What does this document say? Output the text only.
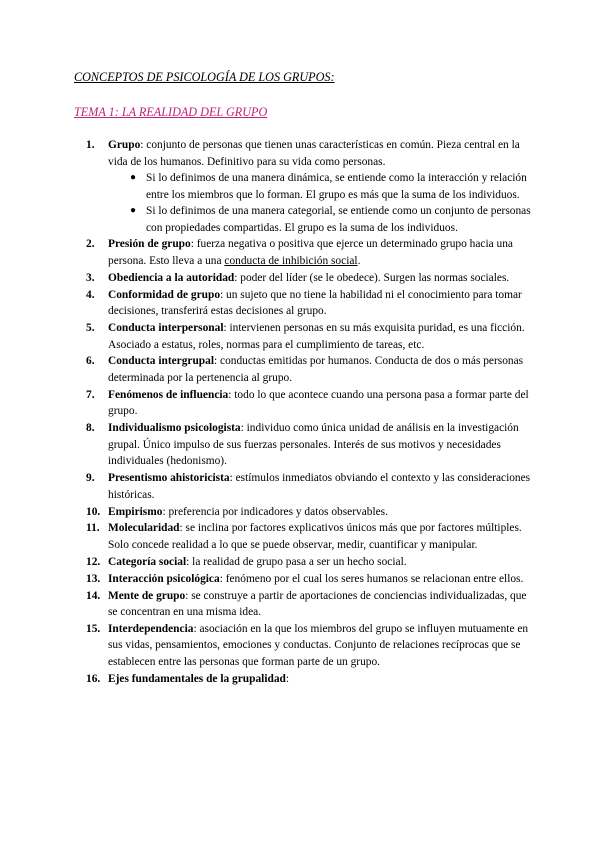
CONCEPTOS DE PSICOLOGÍA DE LOS GRUPOS:
TEMA 1: LA REALIDAD DEL GRUPO
1.	Grupo: conjunto de personas que tienen unas características en común. Pieza central en la vida de los humanos. Definitivo para su vida como personas.
● Si lo definimos de una manera dinámica, se entiende como la interacción y relación entre los miembros que lo forman. El grupo es más que la suma de los individuos.
● Si lo definimos de una manera categorial, se entiende como un conjunto de personas con propiedades compartidas. El grupo es la suma de los individuos.
2.	Presión de grupo: fuerza negativa o positiva que ejerce un determinado grupo hacia una persona. Esto lleva a una conducta de inhibición social.
3.	Obediencia a la autoridad: poder del líder (se le obedece). Surgen las normas sociales.
4.	Conformidad de grupo: un sujeto que no tiene la habilidad ni el conocimiento para tomar decisiones, transferirá estas decisiones al grupo.
5.	Conducta interpersonal: intervienen personas en su más exquisita puridad, es una ficción. Asociado a estatus, roles, normas para el cumplimiento de tareas, etc.
6.	Conducta intergrupal: conductas emitidas por humanos. Conducta de dos o más personas determinada por la pertenencia al grupo.
7.	Fenómenos de influencia: todo lo que acontece cuando una persona pasa a formar parte del grupo.
8.	Individualismo psicologista: individuo como única unidad de análisis en la investigación grupal. Único impulso de sus fuerzas personales. Interés de sus motivos y necesidades individuales (hedonismo).
9.	Presentismo ahistoricista: estímulos inmediatos obviando el contexto y las consideraciones históricas.
10. Empirismo: preferencia por indicadores y datos observables.
11. Molecularidad: se inclina por factores explicativos únicos más que por factores múltiples. Solo concede realidad a lo que se puede observar, medir, cuantificar y manipular.
12. Categoría social: la realidad de grupo pasa a ser un hecho social.
13. Interacción psicológica: fenómeno por el cual los seres humanos se relacionan entre ellos.
14. Mente de grupo: se construye a partir de aportaciones de conciencias individualizadas, que se concentran en una misma idea.
15. Interdependencia: asociación en la que los miembros del grupo se influyen mutuamente en sus vidas, pensamientos, emociones y conductas. Conjunto de relaciones recíprocas que se establecen entre las personas que forman parte de un grupo.
16. Ejes fundamentales de la grupalidad:
